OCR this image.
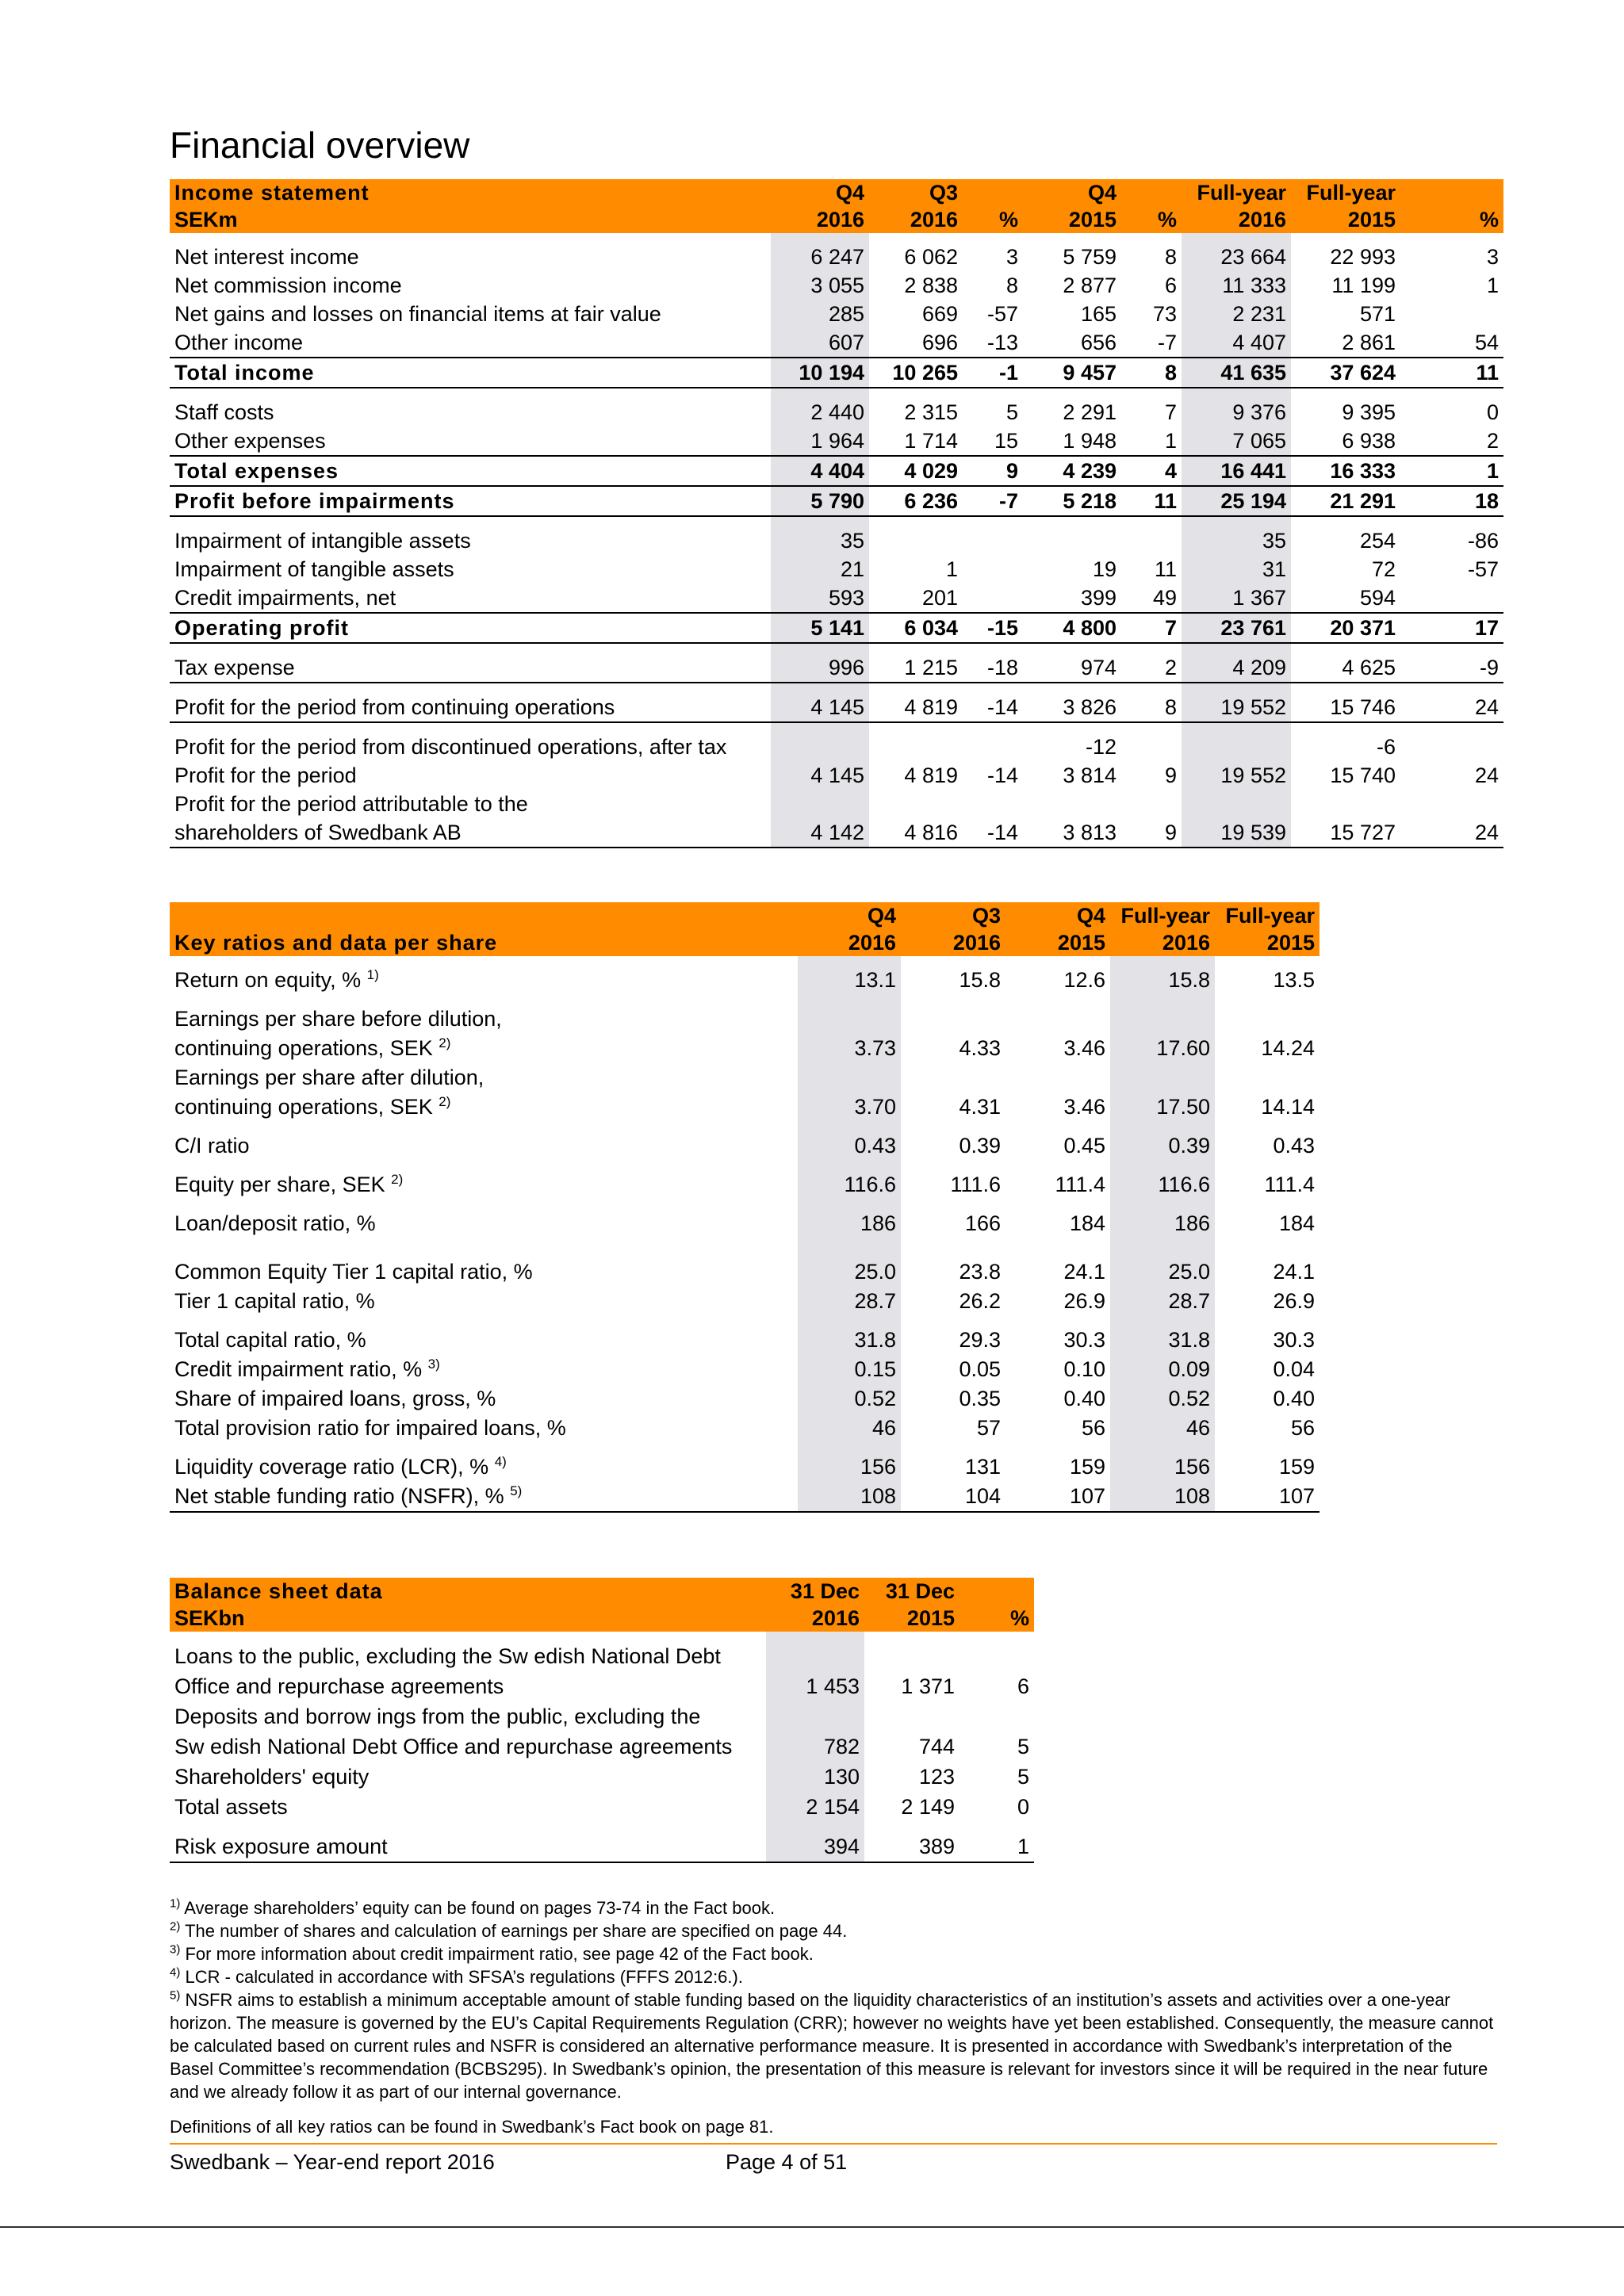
Financial overview
Income statement	Q4	Q3		Q4		Full-year	Full-year	
SEKm	2016	2016	%	2015	%	2016	2015	%

Net interest income	6 247	6 062	3	5 759	8	23 664	22 993	3
Net commission income	3 055	2 838	8	2 877	6	11 333	11 199	1
Net gains and losses on financial items at fair value	285	669	-57	165	73	2 231	571	
Other income	607	696	-13	656	-7	4 407	2 861	54
Total income	10 194	10 265	-1	9 457	8	41 635	37 624	11

Staff costs	2 440	2 315	5	2 291	7	9 376	9 395	0
Other expenses	1 964	1 714	15	1 948	1	7 065	6 938	2
Total expenses	4 404	4 029	9	4 239	4	16 441	16 333	1
Profit before impairments	5 790	6 236	-7	5 218	11	25 194	21 291	18

Impairment of intangible assets	35					35	254	-86
Impairment of tangible assets	21	1		19	11	31	72	-57
Credit impairments, net	593	201		399	49	1 367	594	
Operating profit	5 141	6 034	-15	4 800	7	23 761	20 371	17

Tax expense	996	1 215	-18	974	2	4 209	4 625	-9

Profit for the period from continuing operations	4 145	4 819	-14	3 826	8	19 552	15 746	24

Profit for the period from discontinued operations, after tax				-12			-6	
Profit for the period	4 145	4 819	-14	3 814	9	19 552	15 740	24

Profit for the period attributable to the
shareholders of Swedbank AB	4 142	4 816	-14	3 813	9	19 539	15 727	24
	Q4	Q3	Q4	Full-year	Full-year
Key ratios and data per share	2016	2016	2015	2016	2015

Return on equity, % $^{1)}$	13.1	15.8	12.6	15.8	13.5

Earnings per share before dilution,
continuing operations, SEK $^{2)}$	3.73	4.33	3.46	17.60	14.24

Earnings per share after dilution,
continuing operations, SEK $^{2)}$	3.70	4.31	3.46	17.50	14.14

C/I ratio	0.43	0.39	0.45	0.39	0.43

Equity per share, SEK $^{2)}$	116.6	111.6	111.4	116.6	111.4

Loan/deposit ratio, %	186	166	184	186	184

Common Equity Tier 1 capital ratio, %	25.0	23.8	24.1	25.0	24.1
Tier 1 capital ratio, %	28.7	26.2	26.9	28.7	26.9

Total capital ratio, %	31.8	29.3	30.3	31.8	30.3
Credit impairment ratio, % $^{3)}$	0.15	0.05	0.10	0.09	0.04
Share of impaired loans, gross, %	0.52	0.35	0.40	0.52	0.40
Total provision ratio for impaired loans, %	46	57	56	46	56

Liquidity coverage ratio (LCR), % $^{4)}$	156	131	159	156	159
Net stable funding ratio (NSFR), % $^{5)}$	108	104	107	108	107
Balance sheet data	31 Dec	31 Dec	
SEKbn	2016	2015	%

Loans to the public, excluding the Sw edish National Debt
Office and repurchase agreements	1 453	1 371	6

Deposits and borrow ings from the public, excluding the
Sw edish National Debt Office and repurchase agreements	782	744	5
Shareholders' equity	130	123	5
Total assets	2 154	2 149	0

Risk exposure amount	394	389	1

$^{1)}$ Average shareholders’ equity can be found on pages 73-74 in the Fact book.

$^{2)}$ The number of shares and calculation of earnings per share are specified on page 44.

$^{3)}$ For more information about credit impairment ratio, see page 42 of the Fact book.

$^{4)}$ LCR - calculated in accordance with SFSA’s regulations (FFFS 2012:6.).

$^{5)}$ NSFR aims to establish a minimum acceptable amount of stable funding based on the liquidity characteristics of an institution’s assets and activities over a one-year horizon. The measure is governed by the EU’s Capital Requirements Regulation (CRR); however no weights have yet been established. Consequently, the measure cannot be calculated based on current rules and NSFR is considered an alternative performance measure. It is presented in accordance with Swedbank’s interpretation of the Basel Committee’s recommendation (BCBS295). In Swedbank’s opinion, the presentation of this measure is relevant for investors since it will be required in the near future and we already follow it as part of our internal governance.

Definitions of all key ratios can be found in Swedbank’s Fact book on page 81.
Swedbank – Year-end report 2016	Page 4 of 51
